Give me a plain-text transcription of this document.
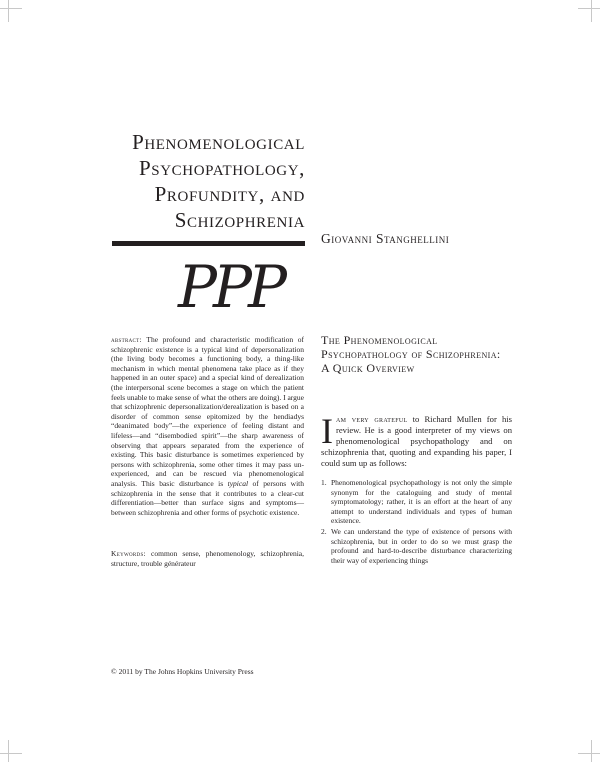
Phenomenological
Psychopathology,
Profundity, and
Schizophrenia

Giovanni Stanghellini

PPP

abstract: The profound and characteristic modification of schizophrenic existence is a typical kind of depersonalization (the living body becomes a functioning body, a thing-like mechanism in which mental phenomena take place as if they happened in an outer space) and a special kind of derealization (the interpersonal scene becomes a stage on which the patient feels unable to make sense of what the others are doing). I argue that schizophrenic depersonalization/derealization is based on a disorder of common sense epitomized by the hendiadys “deanimated body”—the experience of feeling distant and lifeless—and “disembodied spirit”—the sharp awareness of observing that appears separated from the experience of existing. This basic disturbance is sometimes experienced by persons with schizophrenia, some other times it may pass un-experienced, and can be rescued via phenomenological analysis. This basic disturbance is typical of persons with schizophrenia in the sense that it contributes to a clear-cut differentiation—better than surface signs and symptoms—between schizophrenia and other forms of psychotic existence.

Keywords: common sense, phenomenology, schizophrenia, structure, trouble générateur

The Phenomenological Psychopathology of Schizophrenia: A Quick Overview

Iam very grateful to Richard Mullen for his review. He is a good interpreter of my views on phenomenological psychopathology and on schizophrenia that, quoting and expanding his paper, I could sum up as follows:

1. Phenomenological psychopathology is not only the simple synonym for the cataloguing and study of mental symptomatology; rather, it is an effort at the heart of any attempt to understand individuals and types of human existence.
2. We can understand the type of existence of persons with schizophrenia, but in order to do so we must grasp the profound and hard-to-describe disturbance characterizing their way of experiencing things

© 2011 by The Johns Hopkins University Press
